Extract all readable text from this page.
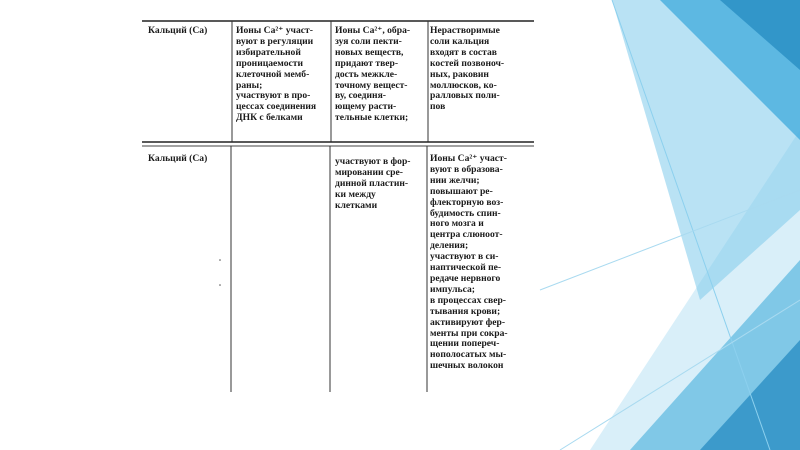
Кальций (Ca)	Ионы Ca²⁺ участ-
вуют в регуляции
избирательной
проницаемости
клеточной мемб-
раны;
участвуют в про-
цессах соединения
ДНК с белками
Ионы Ca²⁺, обра-
зуя соли пекти-
новых веществ,
придают твер-
дость межкле-
точному вещест-
ву, соединя-
ющему расти-
тельные клетки;
Нерастворимые
соли кальция
входят в состав
костей позвоноч-
ных, раковин
моллюсков, ко-
ралловых поли-
пов
Кальций (Ca)	участвуют в фор-
мировании сре-
динной пластин-
ки между
клетками
Ионы Ca²⁺ участ-
вуют в образова-
нии желчи;
повышают ре-
флекторную воз-
будимость спин-
ного мозга и
центра слюноот-
деления;
участвуют в си-
наптической пе-
редаче нервного
импульса;
в процессах свер-
тывания крови;
активируют фер-
менты при сокра-
щении попереч-
нополосатых мы-
шечных волокон
